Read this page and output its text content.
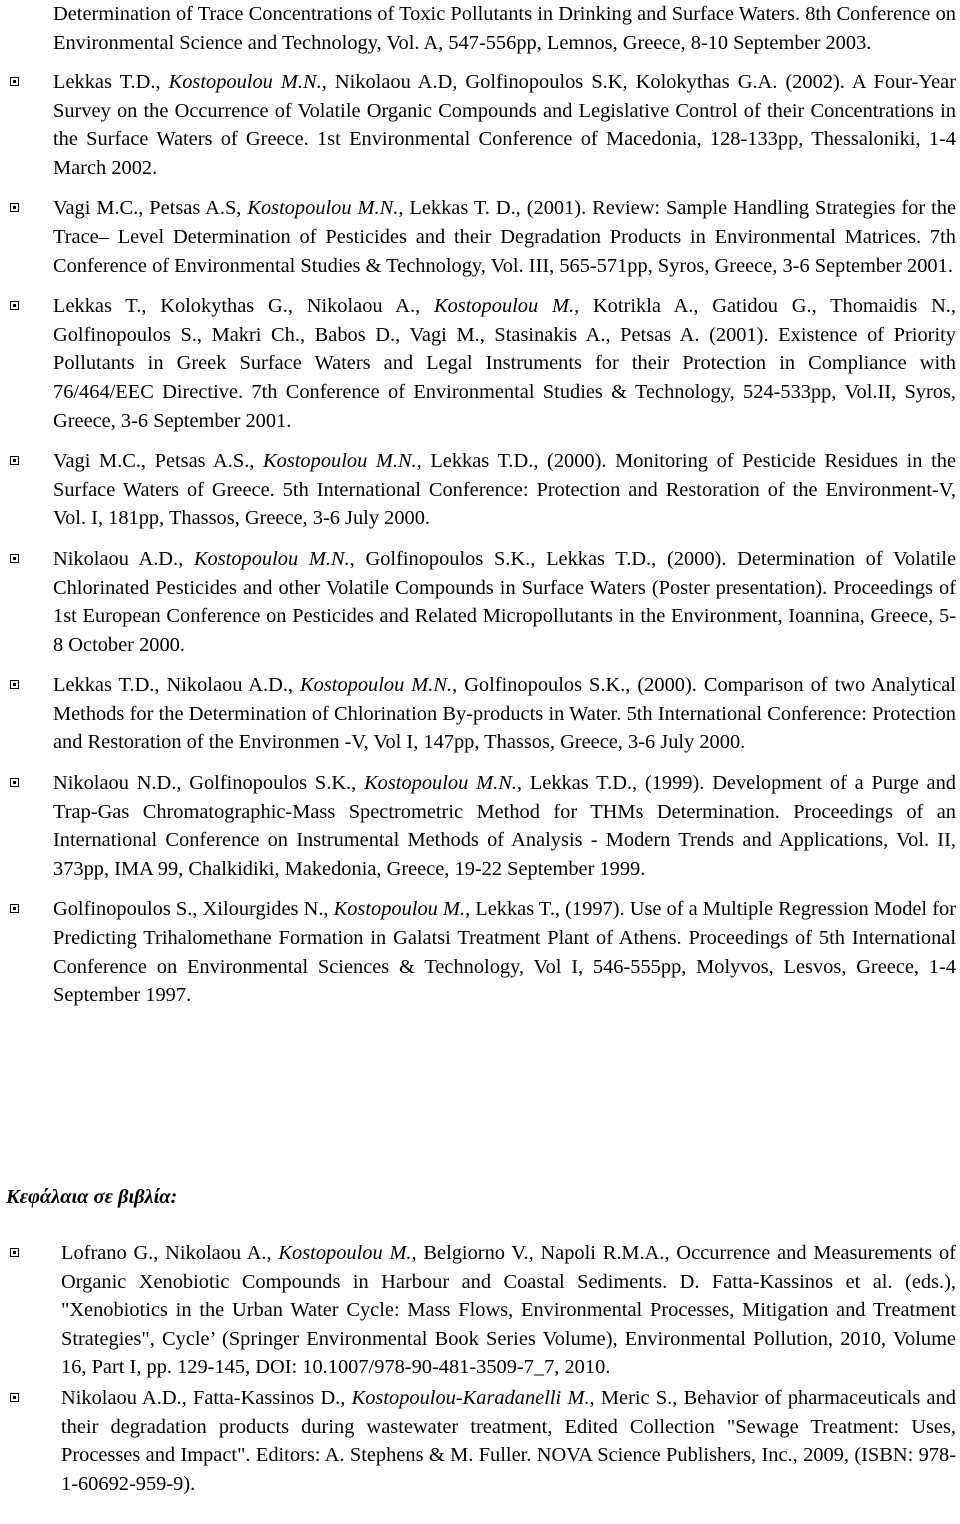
Determination of Trace Concentrations of Toxic Pollutants in Drinking and Surface Waters. 8th Conference on Environmental Science and Technology, Vol. A, 547-556pp, Lemnos, Greece, 8-10 September 2003.

Lekkas T.D., Kostopoulou M.N., Nikolaou A.D, Golfinopoulos S.K, Kolokythas G.A. (2002). A Four-Year Survey on the Occurrence of Volatile Organic Compounds and Legislative Control of their Concentrations in the Surface Waters of Greece. 1st Environmental Conference of Macedonia, 128-133pp, Thessaloniki, 1-4 March 2002.
Vagi M.C., Petsas A.S, Kostopoulou M.N., Lekkas T. D., (2001). Review: Sample Handling Strategies for the Trace– Level Determination of Pesticides and their Degradation Products in Environmental Matrices. 7th Conference of Environmental Studies & Technology, Vol. III, 565-571pp, Syros, Greece, 3-6 September 2001.
Lekkas T., Kolokythas G., Nikolaou A., Kostopoulou M., Kotrikla A., Gatidou G., Thomaidis N., Golfinopoulos S., Makri Ch., Babos D., Vagi M., Stasinakis A., Petsas A. (2001). Existence of Priority Pollutants in Greek Surface Waters and Legal Instruments for their Protection in Compliance with 76/464/EEC Directive. 7th Conference of Environmental Studies & Technology, 524-533pp, Vol.II, Syros, Greece, 3-6 September 2001.
Vagi M.C., Petsas A.S., Kostopoulou M.N., Lekkas T.D., (2000). Monitoring of Pesticide Residues in the Surface Waters of Greece. 5th International Conference: Protection and Restoration of the Environment-V, Vol. I, 181pp, Thassos, Greece, 3-6 July 2000.
Nikolaou A.D., Kostopoulou M.N., Golfinopoulos S.K., Lekkas T.D., (2000). Determination of Volatile Chlorinated Pesticides and other Volatile Compounds in Surface Waters (Poster presentation). Proceedings of 1st European Conference on Pesticides and Related Micropollutants in the Environment, Ioannina, Greece, 5-8 October 2000.
Lekkas T.D., Nikolaou A.D., Kostopoulou M.N., Golfinopoulos S.K., (2000). Comparison of two Analytical Methods for the Determination of Chlorination By-products in Water. 5th International Conference: Protection and Restoration of the Environmen -V, Vol I, 147pp, Thassos, Greece, 3-6 July 2000.
Nikolaou N.D., Golfinopoulos S.K., Kostopoulou M.N., Lekkas T.D., (1999). Development of a Purge and Trap-Gas Chromatographic-Mass Spectrometric Method for THMs Determination. Proceedings of an International Conference on Instrumental Methods of Analysis - Modern Trends and Applications, Vol. II, 373pp, IMA 99, Chalkidiki, Makedonia, Greece, 19-22 September 1999.
Golfinopoulos S., Xilourgides N., Kostopoulou M., Lekkas T., (1997). Use of a Multiple Regression Model for Predicting Trihalomethane Formation in Galatsi Treatment Plant of Athens. Proceedings of 5th International Conference on Environmental Sciences & Technology, Vol I, 546-555pp, Molyvos, Lesvos, Greece, 1-4 September 1997.

Κεφάλαια σε βιβλία:

Lofrano G., Nikolaou A., Kostopoulou M., Belgiorno V., Napoli R.M.A., Occurrence and Measurements of Organic Xenobiotic Compounds in Harbour and Coastal Sediments. D. Fatta-Kassinos et al. (eds.), "Xenobiotics in the Urban Water Cycle: Mass Flows, Environmental Processes, Mitigation and Treatment Strategies", Cycle’ (Springer Environmental Book Series Volume), Environmental Pollution, 2010, Volume 16, Part I, pp. 129-145, DOI: 10.1007/978-90-481-3509-7_7, 2010.
Nikolaou A.D., Fatta-Kassinos D., Kostopoulou-Karadanelli M., Meric S., Behavior of pharmaceuticals and their degradation products during wastewater treatment, Edited Collection "Sewage Treatment: Uses, Processes and Impact". Editors: A. Stephens & M. Fuller. NOVA Science Publishers, Inc., 2009, (ISBN: 978-1-60692-959-9).
